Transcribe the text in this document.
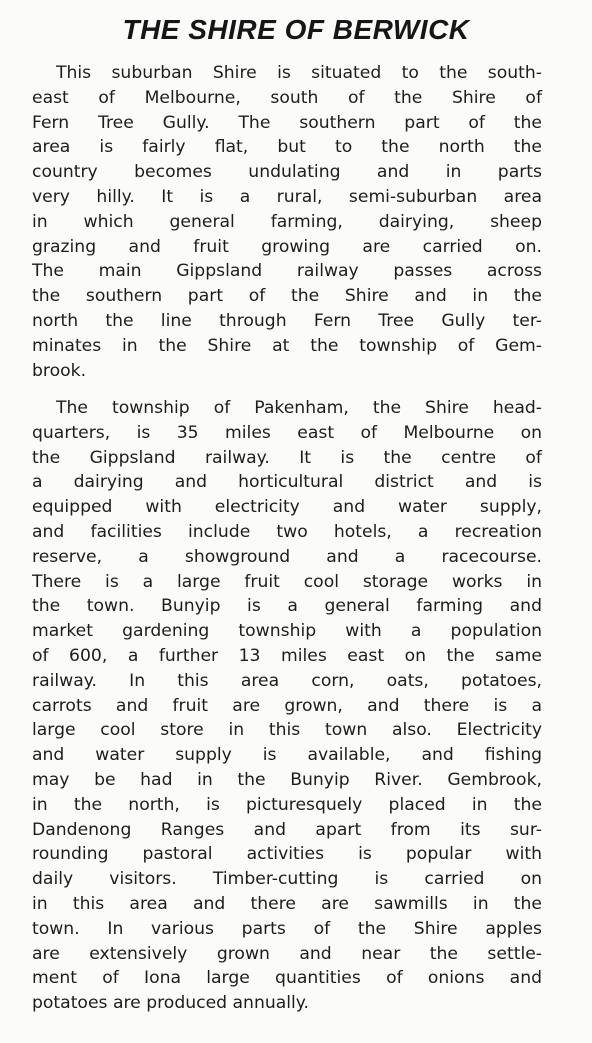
THE SHIRE OF BERWICK

This suburban Shire is situated to the south-
east of Melbourne, south of the Shire of
Fern Tree Gully. The southern part of the
area is fairly flat, but to the north the
country becomes undulating and in parts
very hilly. It is a rural, semi-suburban area
in which general farming, dairying, sheep
grazing and fruit growing are carried on.
The main Gippsland railway passes across
the southern part of the Shire and in the
north the line through Fern Tree Gully ter-
minates in the Shire at the township of Gem-
brook.

The township of Pakenham, the Shire head-
quarters, is 35 miles east of Melbourne on
the Gippsland railway. It is the centre of
a dairying and horticultural district and is
equipped with electricity and water supply,
and facilities include two hotels, a recreation
reserve, a showground and a racecourse.
There is a large fruit cool storage works in
the town. Bunyip is a general farming and
market gardening township with a population
of 600, a further 13 miles east on the same
railway. In this area corn, oats, potatoes,
carrots and fruit are grown, and there is a
large cool store in this town also. Electricity
and water supply is available, and fishing
may be had in the Bunyip River. Gembrook,
in the north, is picturesquely placed in the
Dandenong Ranges and apart from its sur-
rounding pastoral activities is popular with
daily visitors. Timber-cutting is carried on
in this area and there are sawmills in the
town. In various parts of the Shire apples
are extensively grown and near the settle-
ment of Iona large quantities of onions and
potatoes are produced annually.
